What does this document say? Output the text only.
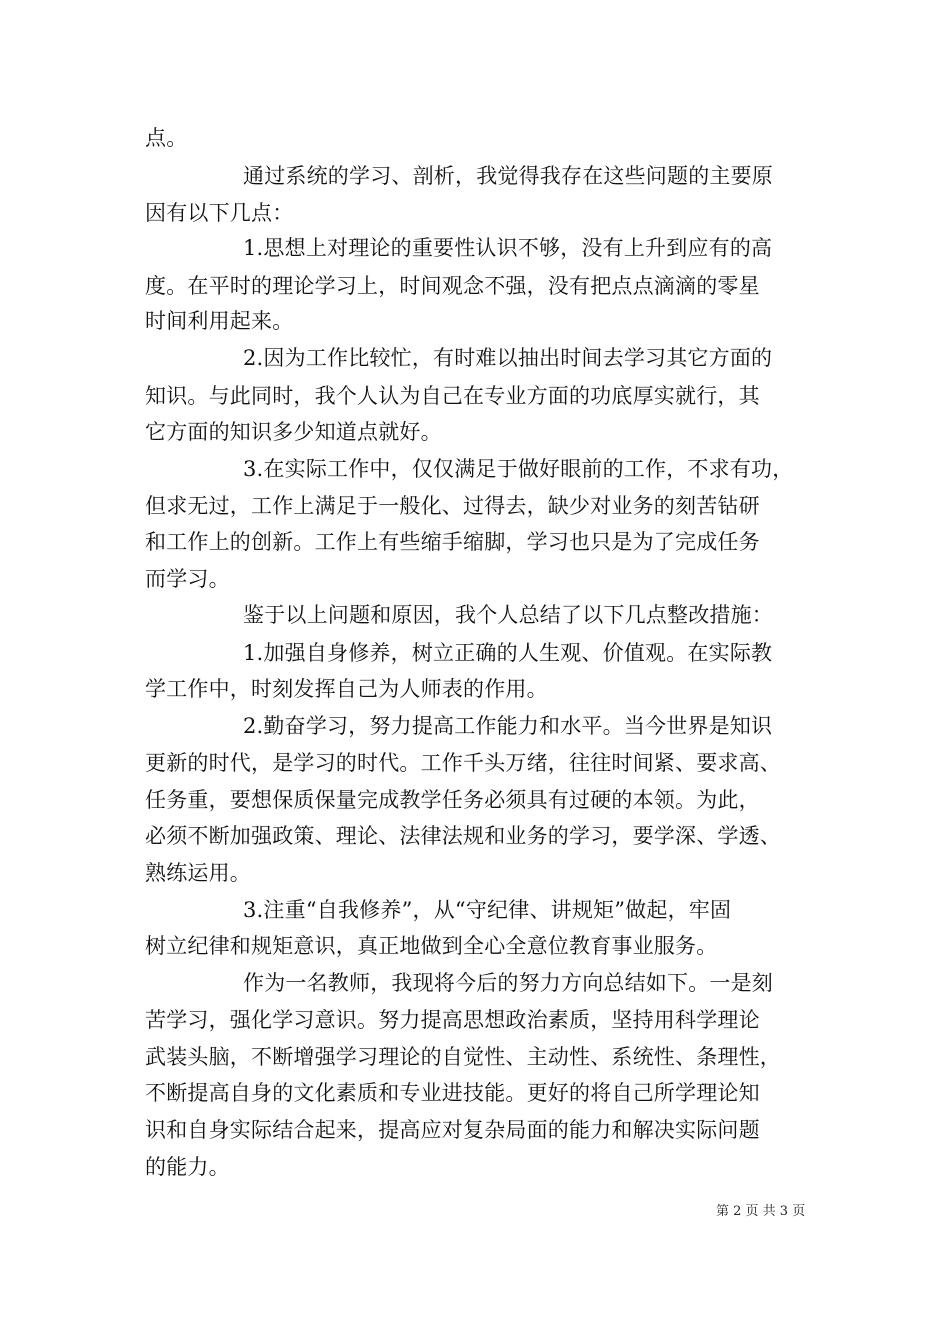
点。
通过系统的学习、剖析，我觉得我存在这些问题的主要原
因有以下几点：
1.思想上对理论的重要性认识不够，没有上升到应有的高
度。在平时的理论学习上，时间观念不强，没有把点点滴滴的零星
时间利用起来。
2.因为工作比较忙，有时难以抽出时间去学习其它方面的
知识。与此同时，我个人认为自己在专业方面的功底厚实就行，其
它方面的知识多少知道点就好。
3.在实际工作中，仅仅满足于做好眼前的工作，不求有功，
但求无过，工作上满足于一般化、过得去，缺少对业务的刻苦钻研
和工作上的创新。工作上有些缩手缩脚，学习也只是为了完成任务
而学习。
鉴于以上问题和原因，我个人总结了以下几点整改措施：
1.加强自身修养，树立正确的人生观、价值观。在实际教
学工作中，时刻发挥自己为人师表的作用。
2.勤奋学习，努力提高工作能力和水平。当今世界是知识
更新的时代，是学习的时代。工作千头万绪，往往时间紧、要求高、
任务重，要想保质保量完成教学任务必须具有过硬的本领。为此，
必须不断加强政策、理论、法律法规和业务的学习，要学深、学透、
熟练运用。
3.注重“自我修养”，从“守纪律、讲规矩”做起，牢固
树立纪律和规矩意识，真正地做到全心全意位教育事业服务。
作为一名教师，我现将今后的努力方向总结如下。一是刻
苦学习，强化学习意识。努力提高思想政治素质，坚持用科学理论
武装头脑，不断增强学习理论的自觉性、主动性、系统性、条理性，
不断提高自身的文化素质和专业进技能。更好的将自己所学理论知
识和自身实际结合起来，提高应对复杂局面的能力和解决实际问题
的能力。
第 2 页 共 3 页
